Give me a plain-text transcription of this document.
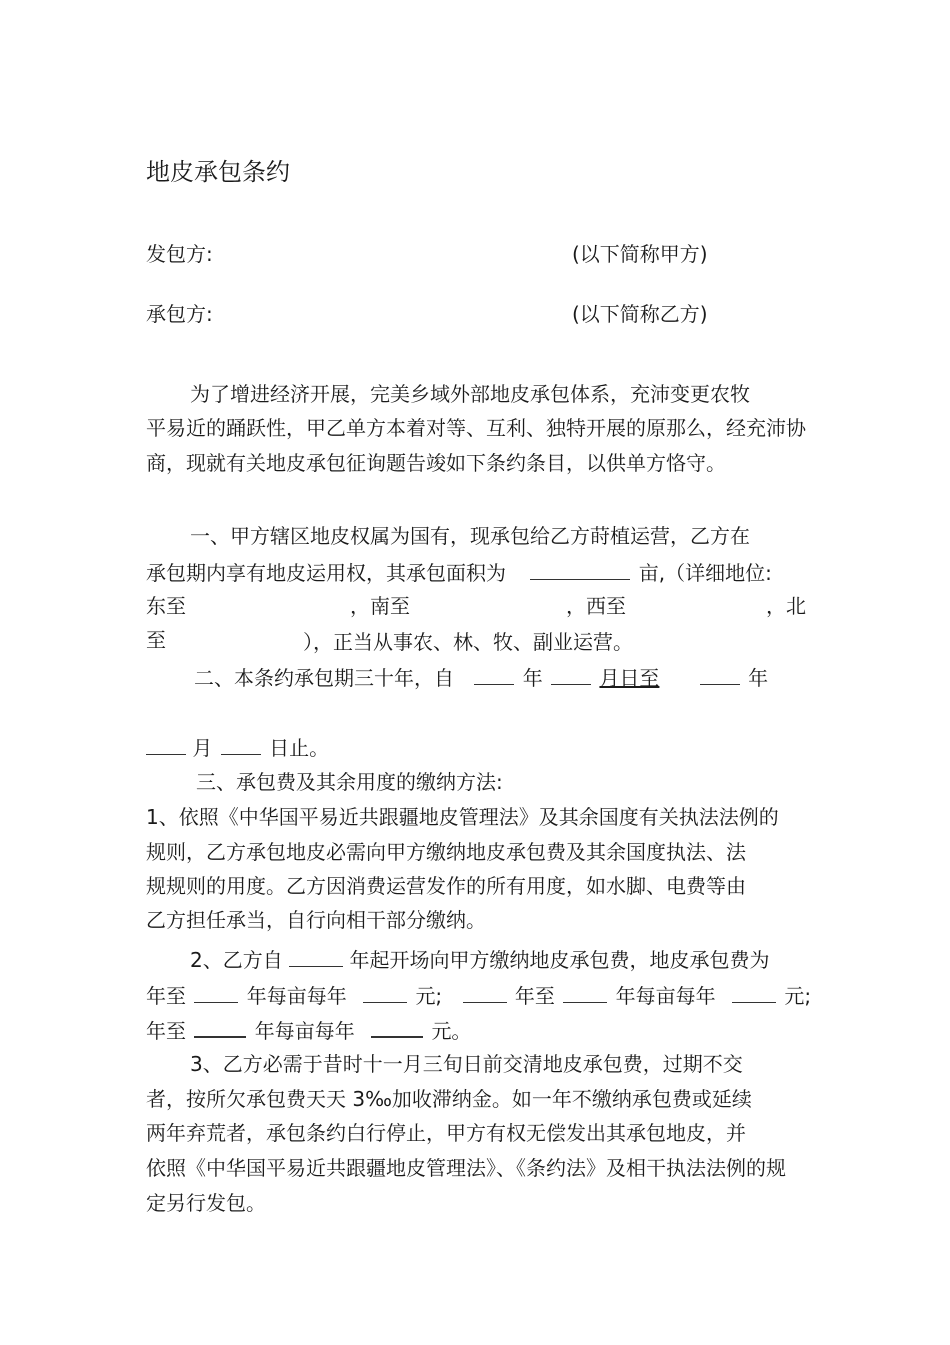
地皮承包条约
发包方:	(以下简称甲方)
承包方:	(以下简称乙方)
为了增进经济开展，完美乡域外部地皮承包体系，充沛变更农牧
平易近的踊跃性，甲乙单方本着对等、互利、独特开展的原那么，经充沛协
商，现就有关地皮承包征询题告竣如下条约条目，以供单方恪守。
一、甲方辖区地皮权属为国有，现承包给乙方莳植运营，乙方在
承包期内享有地皮运用权，其承包面积为	亩,（详细地位:
东至	，南至	，西至	，北
至	），正当从事农、林、牧、副业运营。
二、本条约承包期三十年，自	年	月日至	年
月	日止。
三、承包费及其余用度的缴纳方法:
1、依照《中华国平易近共跟疆地皮管理法》及其余国度有关执法法例的
规则，乙方承包地皮必需向甲方缴纳地皮承包费及其余国度执法、法
规规则的用度。乙方因消费运营发作的所有用度，如水脚、电费等由
乙方担任承当，自行向相干部分缴纳。
2、乙方自	年起开场向甲方缴纳地皮承包费，地皮承包费为
年至	年每亩每年	元;	年至	年每亩每年	元;
年至	年每亩每年	元。
3、乙方必需于昔时十一月三旬日前交清地皮承包费，过期不交
者，按所欠承包费天天 3‰加收滞纳金。如一年不缴纳承包费或延续
两年弃荒者，承包条约白行停止，甲方有权无偿发出其承包地皮，并
依照《中华国平易近共跟疆地皮管理法》、《条约法》及相干执法法例的规
定另行发包。
